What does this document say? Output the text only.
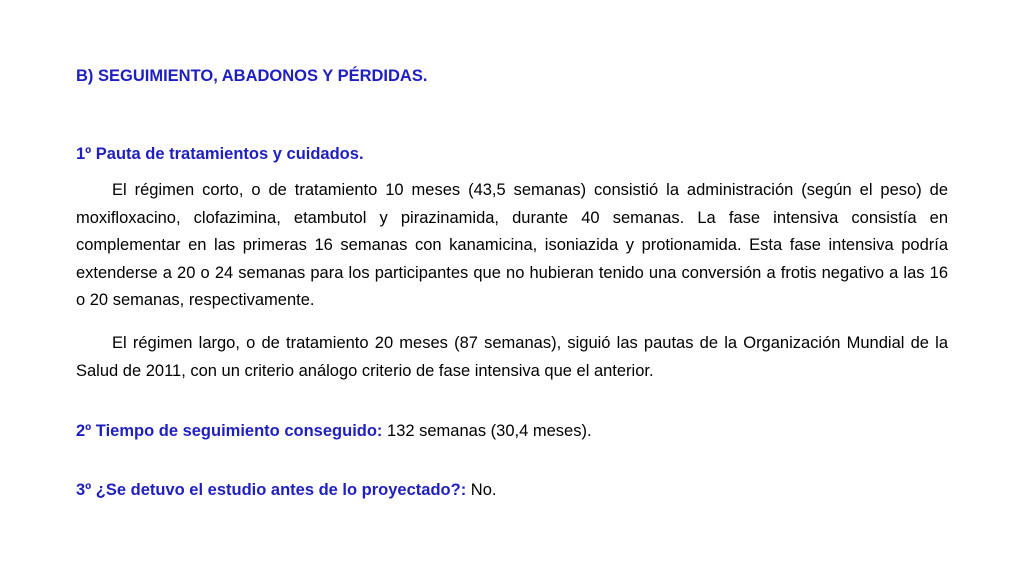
B) SEGUIMIENTO, ABADONOS Y PÉRDIDAS.
1º Pauta de tratamientos y cuidados.

El régimen corto, o de tratamiento 10 meses (43,5 semanas) consistió la administración (según el peso) de moxifloxacino, clofazimina, etambutol y pirazinamida, durante 40 semanas. La fase intensiva consistía en complementar en las primeras 16 semanas con kanamicina, isoniazida y protionamida. Esta fase intensiva podría extenderse a 20 o 24 semanas para los participantes que no hubieran tenido una conversión a frotis negativo a las 16 o 20 semanas, respectivamente.

El régimen largo, o de tratamiento 20 meses (87 semanas), siguió las pautas de la Organización Mundial de la Salud de 2011, con un criterio análogo criterio de fase intensiva que el anterior.

2º Tiempo de seguimiento conseguido: 132 semanas (30,4 meses).
3º ¿Se detuvo el estudio antes de lo proyectado?: No.
